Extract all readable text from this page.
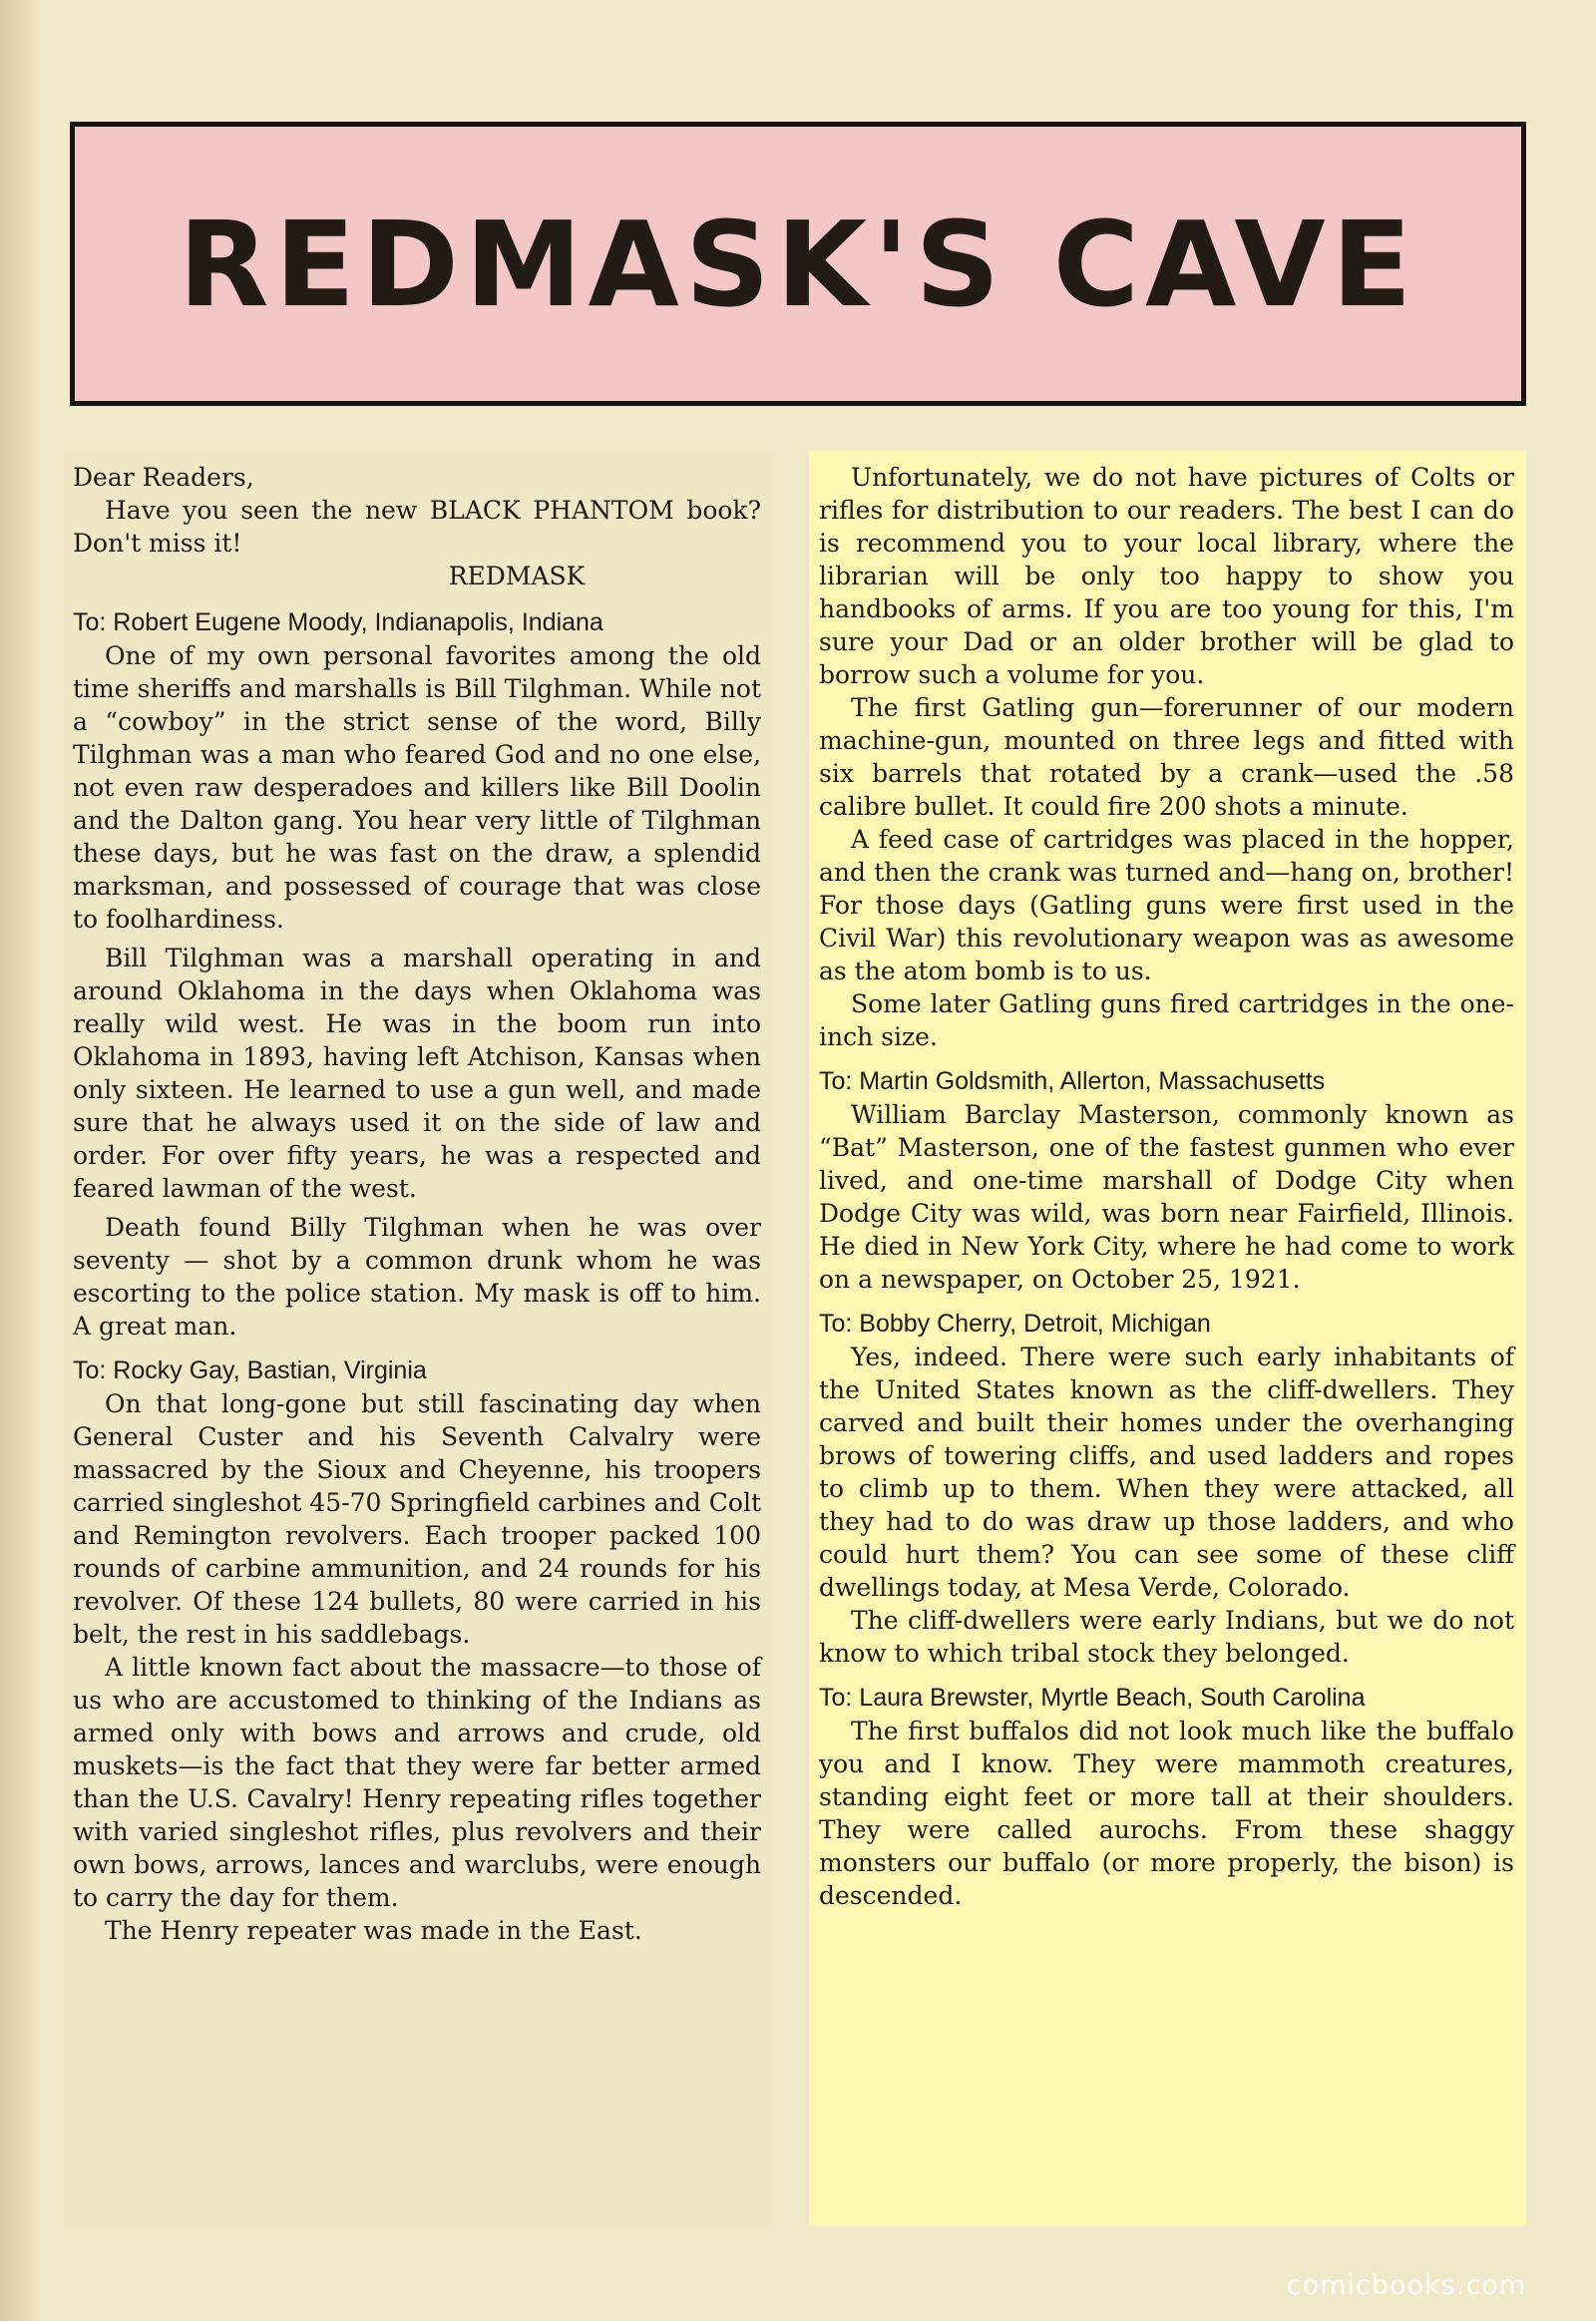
REDMASK'S CAVE

Dear Readers,

Have you seen the new BLACK PHANTOM book? Don't miss it!

REDMASK

To: Robert Eugene Moody, Indianapolis, Indiana

One of my own personal favorites among the old time sheriffs and marshalls is Bill Tilghman. While not a “cowboy” in the strict sense of the word, Billy Tilghman was a man who feared God and no one else, not even raw desperadoes and killers like Bill Doolin and the Dalton gang. You hear very little of Tilghman these days, but he was fast on the draw, a splendid marksman, and possessed of courage that was close to foolhardiness.

Bill Tilghman was a marshall operating in and around Oklahoma in the days when Oklahoma was really wild west. He was in the boom run into Oklahoma in 1893, having left Atchison, Kansas when only sixteen. He learned to use a gun well, and made sure that he always used it on the side of law and order. For over fifty years, he was a respected and feared lawman of the west.

Death found Billy Tilghman when he was over seventy — shot by a common drunk whom he was escorting to the police station. My mask is off to him. A great man.

To: Rocky Gay, Bastian, Virginia

On that long-gone but still fascinating day when General Custer and his Seventh Calvalry were massacred by the Sioux and Cheyenne, his troopers carried singleshot 45-70 Springfield carbines and Colt and Remington revolvers. Each trooper packed 100 rounds of carbine ammunition, and 24 rounds for his revolver. Of these 124 bullets, 80 were carried in his belt, the rest in his saddlebags.

A little known fact about the massacre—to those of us who are accustomed to thinking of the Indians as armed only with bows and arrows and crude, old muskets—is the fact that they were far better armed than the U.S. Cavalry! Henry repeating rifles together with varied singleshot rifles, plus revolvers and their own bows, arrows, lances and warclubs, were enough to carry the day for them.

The Henry repeater was made in the East.

Unfortunately, we do not have pictures of Colts or rifles for distribution to our readers. The best I can do is recommend you to your local library, where the librarian will be only too happy to show you handbooks of arms. If you are too young for this, I'm sure your Dad or an older brother will be glad to borrow such a volume for you.

The first Gatling gun—forerunner of our modern machine-gun, mounted on three legs and fitted with six barrels that rotated by a crank—used the .58 calibre bullet. It could fire 200 shots a minute.

A feed case of cartridges was placed in the hopper, and then the crank was turned and—hang on, brother! For those days (Gatling guns were first used in the Civil War) this revolutionary weapon was as awesome as the atom bomb is to us.

Some later Gatling guns fired cartridges in the one-inch size.

To: Martin Goldsmith, Allerton, Massachusetts

William Barclay Masterson, commonly known as “Bat” Masterson, one of the fastest gunmen who ever lived, and one-time marshall of Dodge City when Dodge City was wild, was born near Fairfield, Illinois. He died in New York City, where he had come to work on a newspaper, on October 25, 1921.

To: Bobby Cherry, Detroit, Michigan

Yes, indeed. There were such early inhabitants of the United States known as the cliff-dwellers. They carved and built their homes under the overhanging brows of towering cliffs, and used ladders and ropes to climb up to them. When they were attacked, all they had to do was draw up those ladders, and who could hurt them? You can see some of these cliff dwellings today, at Mesa Verde, Colorado.

The cliff-dwellers were early Indians, but we do not know to which tribal stock they belonged.

To: Laura Brewster, Myrtle Beach, South Carolina

The first buffalos did not look much like the buffalo you and I know. They were mammoth creatures, standing eight feet or more tall at their shoulders. They were called aurochs. From these shaggy monsters our buffalo (or more properly, the bison) is descended.

comicbooks.com
